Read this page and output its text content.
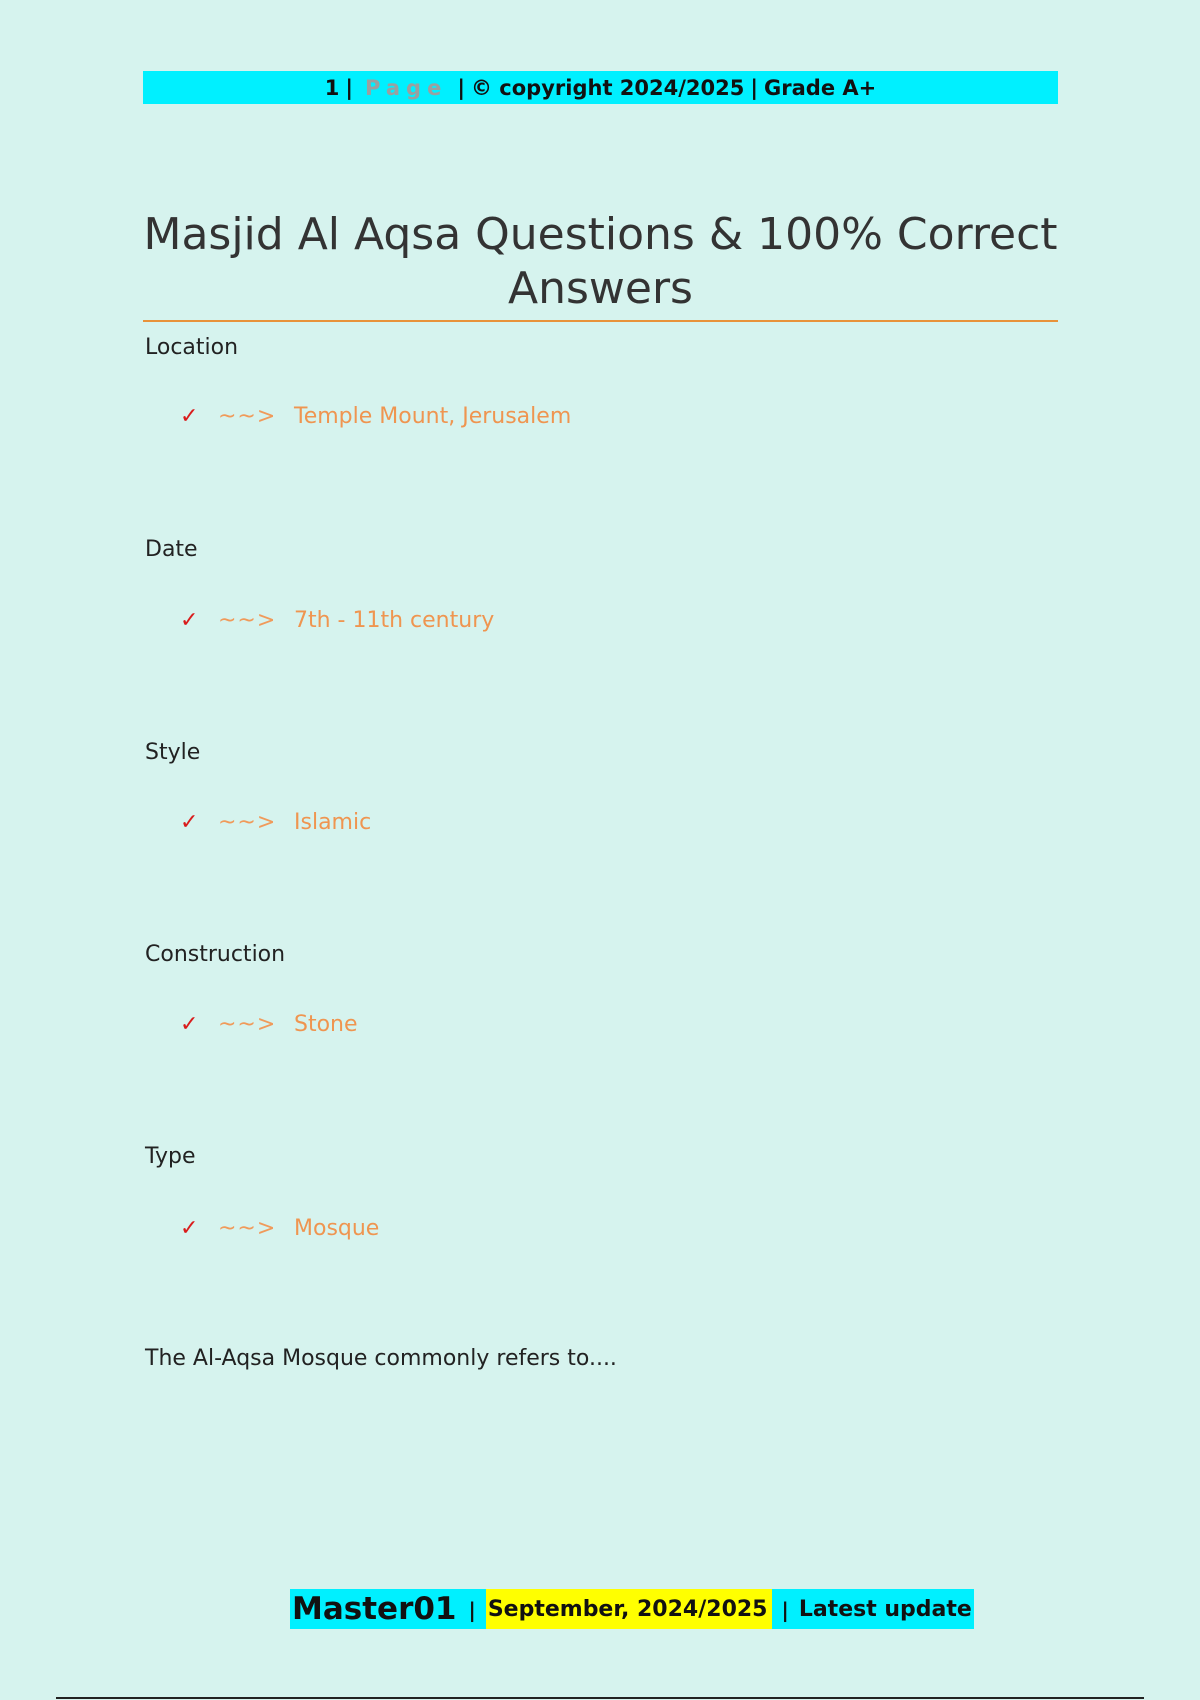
1 | Page | © copyright 2024/2025 | Grade A+
Masjid Al Aqsa Questions & 100% Correct Answers
Location
✓ ~~> Temple Mount, Jerusalem
Date
✓ ~~> 7th - 11th century
Style
✓ ~~> Islamic
Construction
✓ ~~> Stone
Type
✓ ~~> Mosque
The Al-Aqsa Mosque commonly refers to....
Master01 | September, 2024/2025 | Latest update
